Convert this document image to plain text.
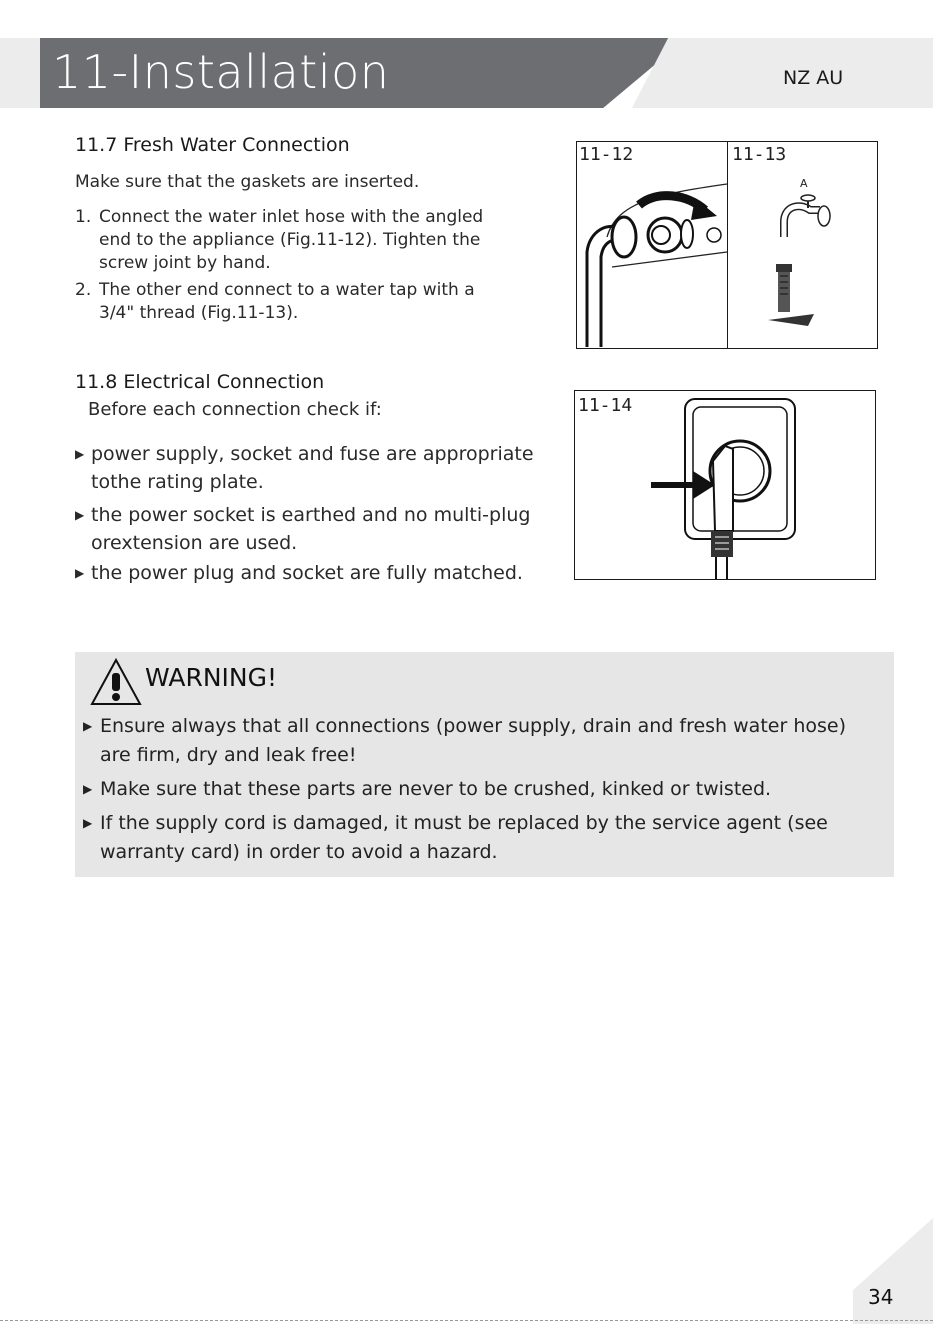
11-Installation	NZ AU
11.7 Fresh Water Connection
Make sure that the gaskets are inserted.
1. Connect the water inlet hose with the angled
end to the appliance (Fig.11-12). Tighten the
screw joint by hand.
2. The other end connect to a water tap with a
3/4" thread (Fig.11-13).
11.8 Electrical Connection
Before each connection check if:
▶ power supply, socket and fuse are appropriate
tothe rating plate.
▶ the power socket is earthed and no multi-plug
orextension are used.
▶ the power plug and socket are fully matched.
11-12	11-13
A
11-14
WARNING!
▶ Ensure always that all connections (power supply, drain and fresh water hose)
are firm, dry and leak free!
▶ Make sure that these parts are never to be crushed, kinked or twisted.
▶ If the supply cord is damaged, it must be replaced by the service agent (see
warranty card) in order to avoid a hazard.
34
